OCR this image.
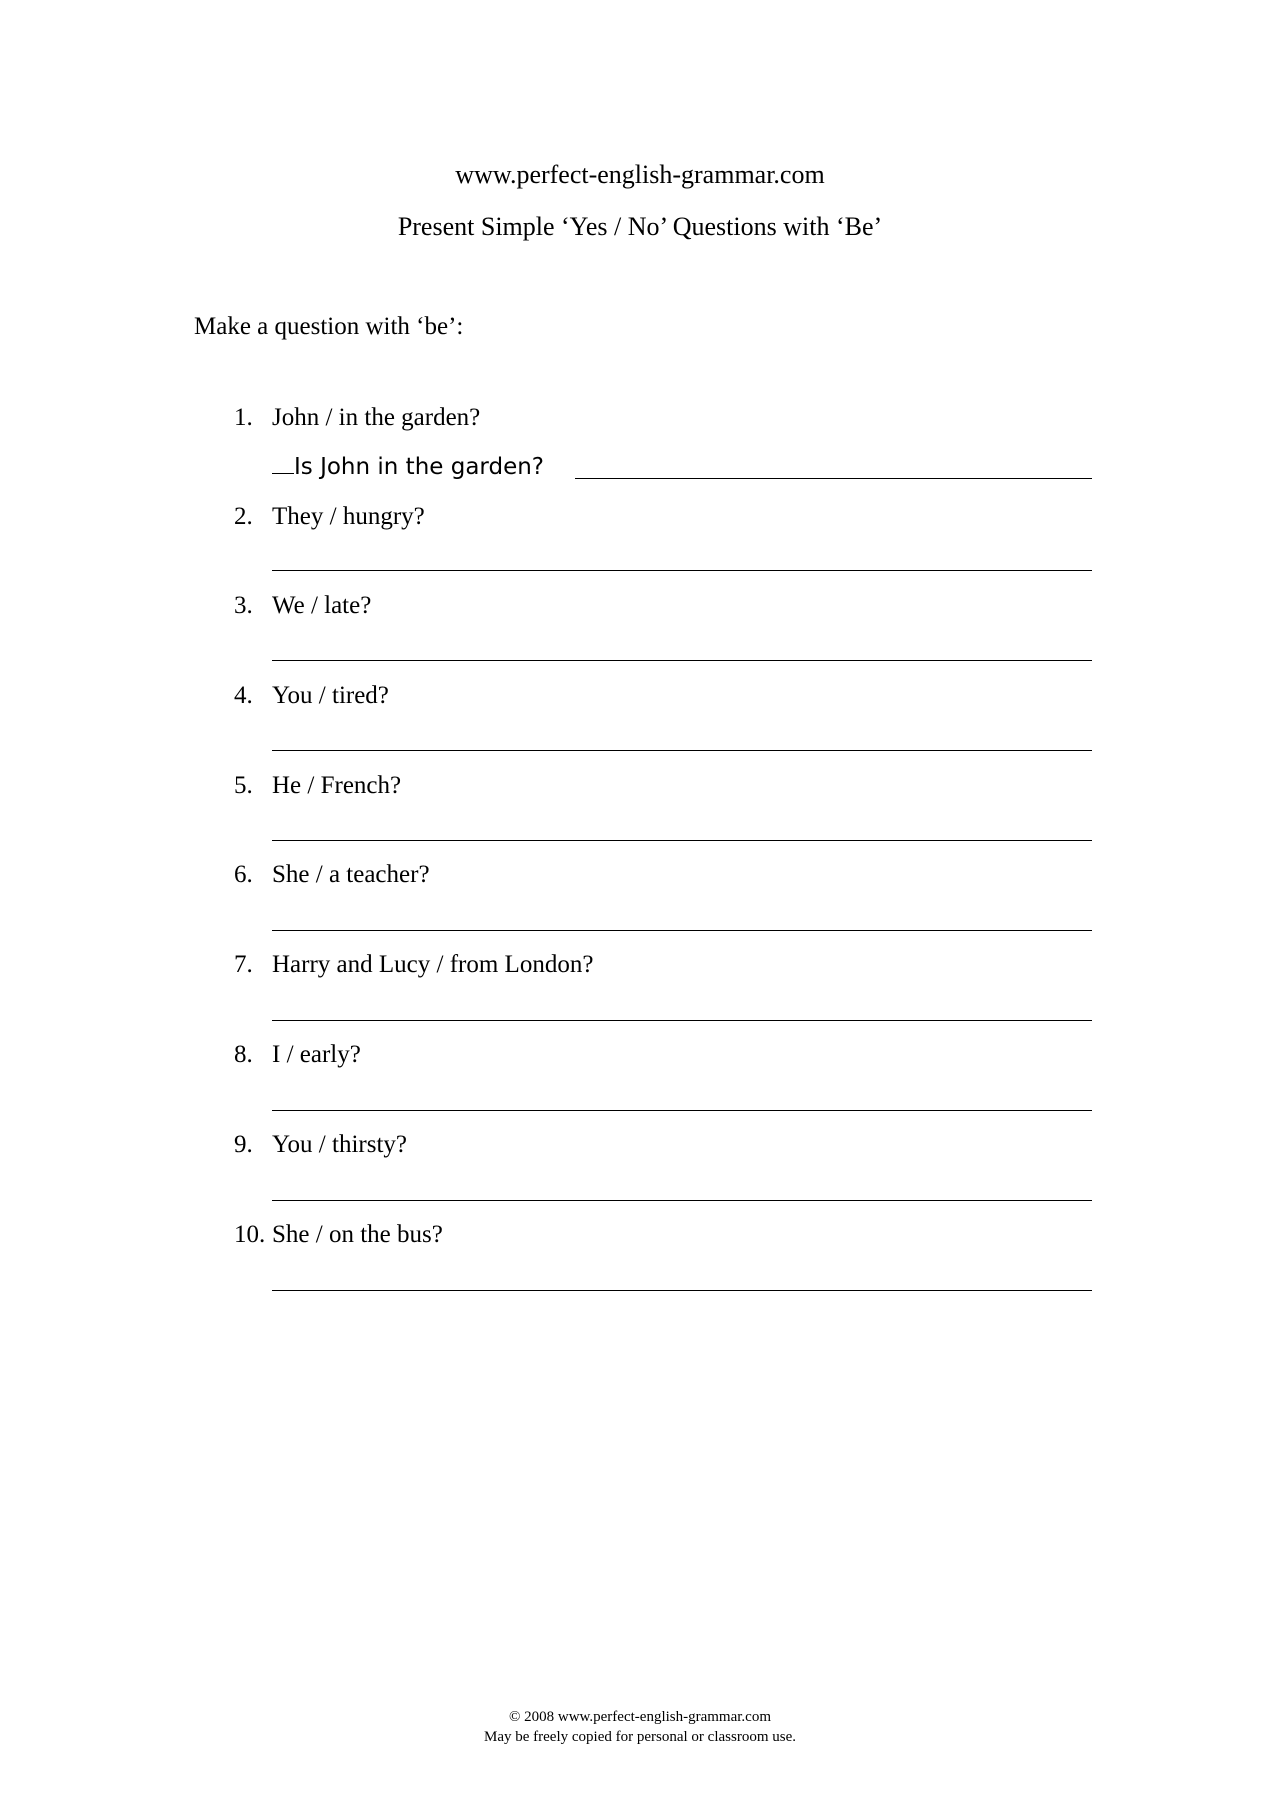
www.perfect-english-grammar.com
Present Simple ‘Yes / No’ Questions with ‘Be’
Make a question with ‘be’:
1. John / in the garden?
Is John in the garden?
2. They / hungry?
3. We / late?
4. You / tired?
5. He / French?
6. She / a teacher?
7. Harry and Lucy / from London?
8. I / early?
9. You / thirsty?
10. She / on the bus?
© 2008 www.perfect-english-grammar.com
May be freely copied for personal or classroom use.
